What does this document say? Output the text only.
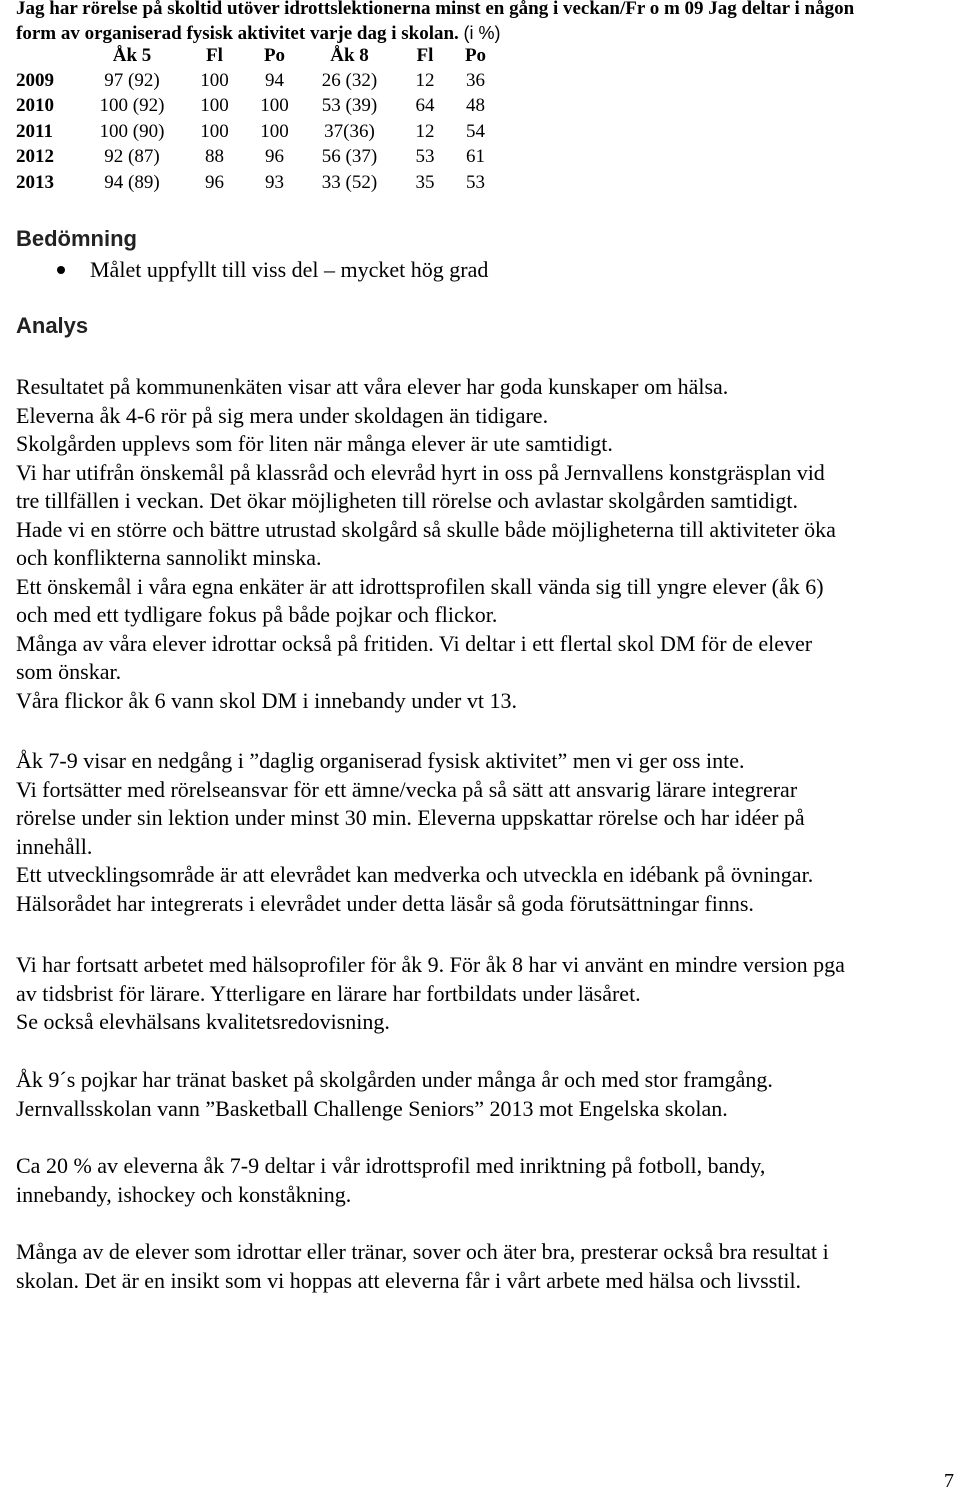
Jag har rörelse på skoltid utöver idrottslektionerna minst en gång i veckan/Fr o m 09 Jag deltar i någon
form av organiserad fysisk aktivitet varje dag i skolan. (i %)
	Åk 5	Fl	Po	Åk 8	Fl	Po
2009	97 (92)	100	94	26 (32)	12	36
2010	100 (92)	100	100	53 (39)	64	48
2011	100 (90)	100	100	37(36)	12	54
2012	92 (87)	88	96	56 (37)	53	61
2013	94 (89)	96	93	33 (52)	35	53
Bedömning
Målet uppfyllt till viss del – mycket hög grad
Analys
Resultatet på kommunenkäten visar att våra elever har goda kunskaper om hälsa.
Eleverna åk 4-6 rör på sig mera under skoldagen än tidigare.
Skolgården upplevs som för liten när många elever är ute samtidigt.
Vi har utifrån önskemål på klassråd och elevråd hyrt in oss på Jernvallens konstgräsplan vid
tre tillfällen i veckan. Det ökar möjligheten till rörelse och avlastar skolgården samtidigt.
Hade vi en större och bättre utrustad skolgård så skulle både möjligheterna till aktiviteter öka
och konflikterna sannolikt minska.
Ett önskemål i våra egna enkäter är att idrottsprofilen skall vända sig till yngre elever (åk 6)
och med ett tydligare fokus på både pojkar och flickor.
Många av våra elever idrottar också på fritiden. Vi deltar i ett flertal skol DM för de elever
som önskar.
Våra flickor åk 6 vann skol DM i innebandy under vt 13.
Åk 7-9 visar en nedgång i ”daglig organiserad fysisk aktivitet” men vi ger oss inte.
Vi fortsätter med rörelseansvar för ett ämne/vecka på så sätt att ansvarig lärare integrerar
rörelse under sin lektion under minst 30 min. Eleverna uppskattar rörelse och har idéer på
innehåll.
Ett utvecklingsområde är att elevrådet kan medverka och utveckla en idébank på övningar.
Hälsorådet har integrerats i elevrådet under detta läsår så goda förutsättningar finns.
Vi har fortsatt arbetet med hälsoprofiler för åk 9. För åk 8 har vi använt en mindre version pga
av tidsbrist för lärare. Ytterligare en lärare har fortbildats under läsåret.
Se också elevhälsans kvalitetsredovisning.
Åk 9´s pojkar har tränat basket på skolgården under många år och med stor framgång.
Jernvallsskolan vann ”Basketball Challenge Seniors” 2013 mot Engelska skolan.
Ca 20 % av eleverna åk 7-9 deltar i vår idrottsprofil med inriktning på fotboll, bandy,
innebandy, ishockey och konståkning.
Många av de elever som idrottar eller tränar, sover och äter bra, presterar också bra resultat i
skolan. Det är en insikt som vi hoppas att eleverna får i vårt arbete med hälsa och livsstil.
7
